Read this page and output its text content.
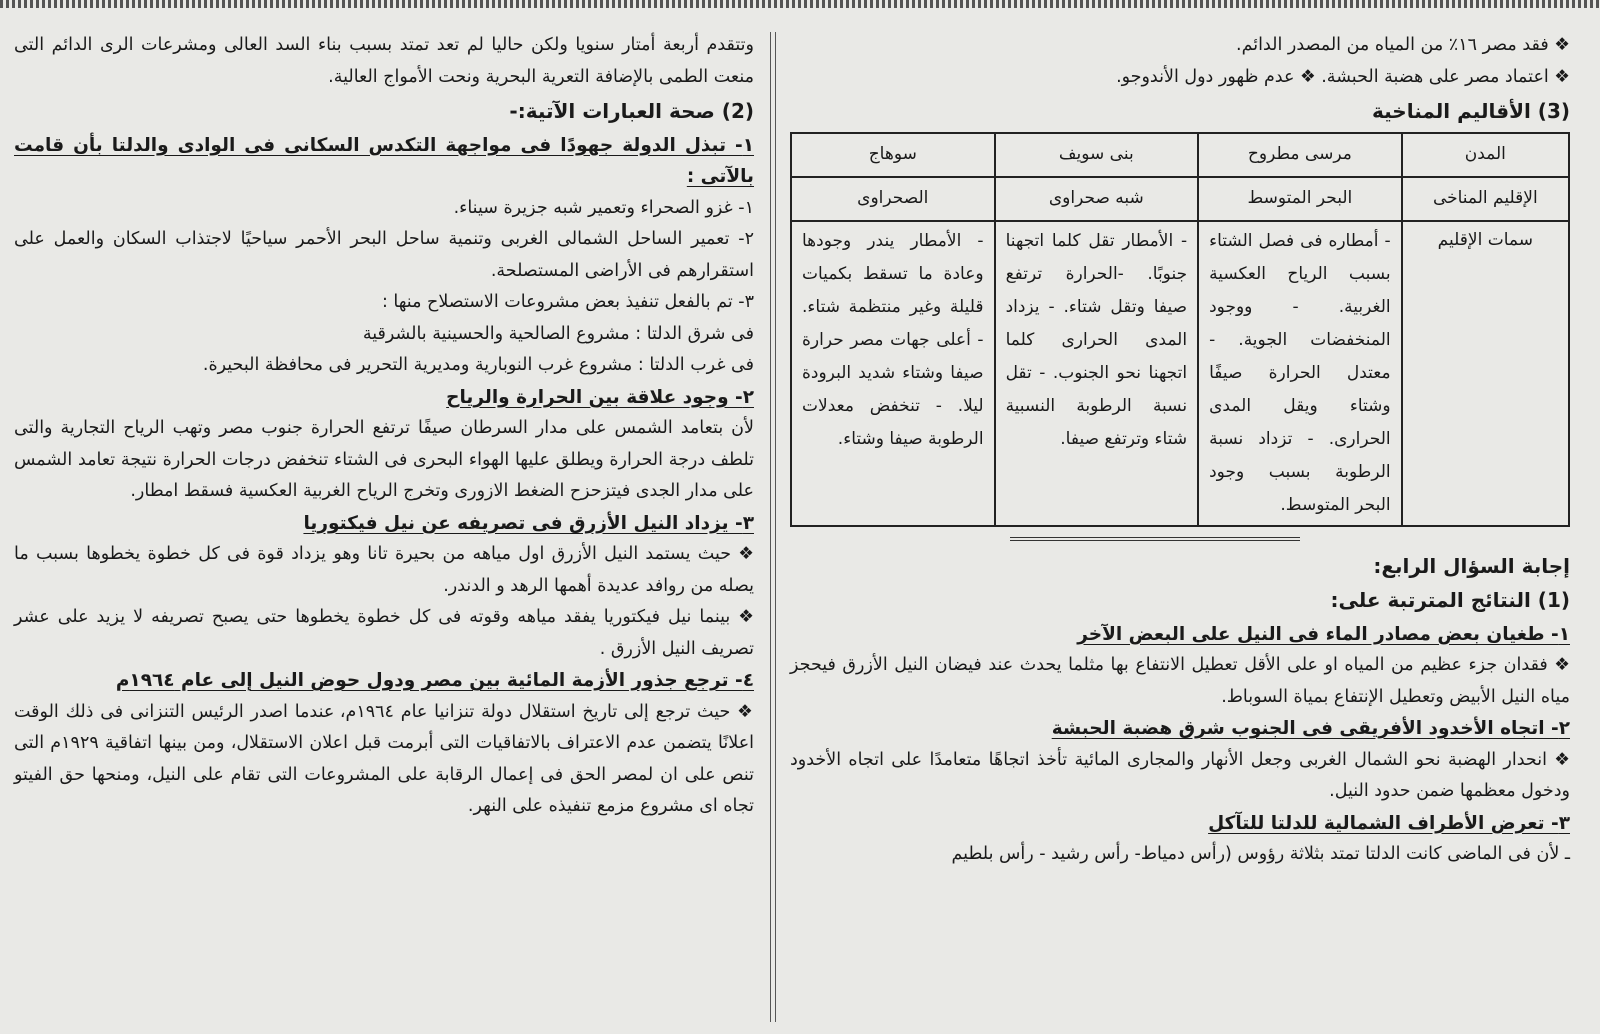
❖ فقد مصر ١٦٪ من المياه من المصدر الدائم.

❖ اعتماد مصر على هضبة الحبشة. ❖ عدم ظهور دول الأندوجو.

(3) الأقاليم المناخية

المدن	مرسى مطروح	بنى سويف	سوهاج
الإقليم المناخى	البحر المتوسط	شبه صحراوى	الصحراوى
سمات الإقليم	- أمطاره فى فصل الشتاء بسبب الرياح العكسية الغربية. - ووجود المنخفضات الجوية. - معتدل الحرارة صيفًا وشتاء ويقل المدى الحرارى. - تزداد نسبة الرطوبة بسبب وجود البحر المتوسط.	- الأمطار تقل كلما اتجهنا جنوبًا. -الحرارة ترتفع صيفا وتقل شتاء. - يزداد المدى الحرارى كلما اتجهنا نحو الجنوب. - تقل نسبة الرطوبة النسبية شتاء وترتفع صيفا.	- الأمطار يندر وجودها وعادة ما تسقط بكميات قليلة وغير منتظمة شتاء. - أعلى جهات مصر حرارة صيفا وشتاء شديد البرودة ليلا. - تنخفض معدلات الرطوبة صيفا وشتاء.

إجابة السؤال الرابع:

(1) النتائج المترتبة على:

١- طغيان بعض مصادر الماء فى النيل على البعض الآخر

❖ فقدان جزء عظيم من المياه او على الأقل تعطيل الانتفاع بها مثلما يحدث عند فيضان النيل الأزرق فيحجز مياه النيل الأبيض وتعطيل الإنتفاع بمياة السوباط.

٢- اتجاه الأخدود الأفريقى فى الجنوب شرق هضبة الحبشة

❖ انحدار الهضبة نحو الشمال الغربى وجعل الأنهار والمجارى المائية تأخذ اتجاهًا متعامدًا على اتجاه الأخدود ودخول معظمها ضمن حدود النيل.

٣- تعرض الأطراف الشمالية للدلتا للتآكل

ـ لأن فى الماضى كانت الدلتا تمتد بثلاثة رؤوس (رأس دمياط- رأس رشيد - رأس بلطيم

وتتقدم أربعة أمتار سنويا ولكن حاليا لم تعد تمتد بسبب بناء السد العالى ومشرعات الرى الدائم التى منعت الطمى بالإضافة التعرية البحرية ونحت الأمواج العالية.

(2) صحة العبارات الآتية:-

١- تبذل الدولة جهودًا فى مواجهة التكدس السكانى فى الوادى والدلتا بأن قامت بالآتى :

١- غزو الصحراء وتعمير شبه جزيرة سيناء.

٢- تعمير الساحل الشمالى الغربى وتنمية ساحل البحر الأحمر سياحيًا لاجتذاب السكان والعمل على استقرارهم فى الأراضى المستصلحة.

٣- تم بالفعل تنفيذ بعض مشروعات الاستصلاح منها :

فى شرق الدلتا : مشروع الصالحية والحسينية بالشرقية

فى غرب الدلتا : مشروع غرب النوبارية ومديرية التحرير فى محافظة البحيرة.

٢- وجود علاقة بين الحرارة والرياح

لأن بتعامد الشمس على مدار السرطان صيفًا ترتفع الحرارة جنوب مصر وتهب الرياح التجارية والتى تلطف درجة الحرارة ويطلق عليها الهواء البحرى فى الشتاء تنخفض درجات الحرارة نتيجة تعامد الشمس على مدار الجدى فيتزحزح الضغط الازورى وتخرج الرياح الغربية العكسية فسقط امطار.

٣- يزداد النيل الأزرق فى تصريفه عن نيل فيكتوريا

❖ حيث يستمد النيل الأزرق اول مياهه من بحيرة تانا وهو يزداد قوة فى كل خطوة يخطوها بسبب ما يصله من روافد عديدة أهمها الرهد و الدندر.

❖ بينما نيل فيكتوريا يفقد مياهه وقوته فى كل خطوة يخطوها حتى يصبح تصريفه لا يزيد على عشر تصريف النيل الأزرق .

٤- ترجع جذور الأزمة المائية بين مصر ودول حوض النيل إلى عام ١٩٦٤م

❖ حيث ترجع إلى تاريخ استقلال دولة تنزانيا عام ١٩٦٤م، عندما اصدر الرئيس التنزانى فى ذلك الوقت اعلانًا يتضمن عدم الاعتراف بالاتفاقيات التى أبرمت قبل اعلان الاستقلال، ومن بينها اتفاقية ١٩٢٩م التى تنص على ان لمصر الحق فى إعمال الرقابة على المشروعات التى تقام على النيل، ومنحها حق الفيتو تجاه اى مشروع مزمع تنفيذه على النهر.
